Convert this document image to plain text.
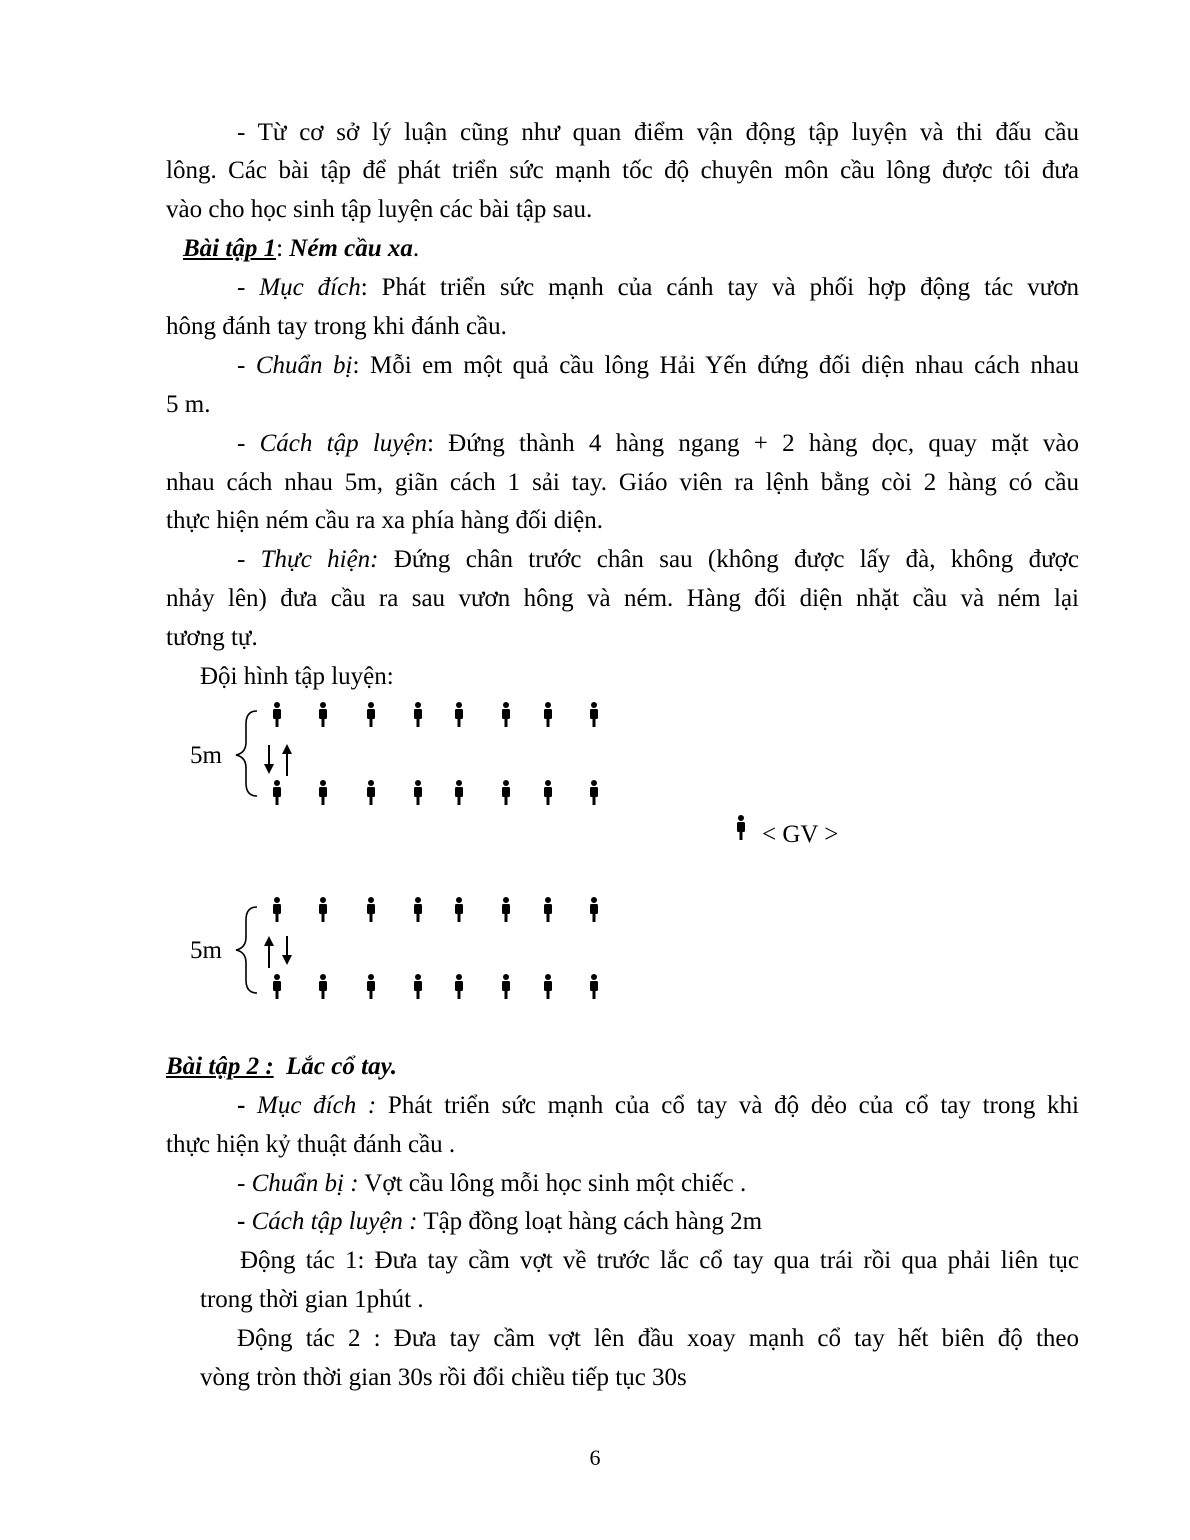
- Từ cơ sở lý luận cũng như quan điểm vận động tập luyện và thi đấu cầu
lông. Các bài tập để phát triển sức mạnh tốc độ chuyên môn cầu lông được tôi đưa
vào cho học sinh tập luyện các bài tập sau.
Bài tập 1: Ném cầu xa.
- Mục đích: Phát triển sức mạnh của cánh tay và phối hợp động tác vươn
hông đánh tay trong khi đánh cầu.
- Chuẩn bị: Mỗi em một quả cầu lông Hải Yến đứng đối diện nhau cách nhau
5 m.
- Cách tập luyện: Đứng thành 4 hàng ngang + 2 hàng dọc, quay mặt vào
nhau cách nhau 5m, giãn cách 1 sải tay. Giáo viên ra lệnh bằng còi 2 hàng có cầu
thực hiện ném cầu ra xa phía hàng đối diện.
- Thực hiện: Đứng chân trước chân sau (không được lấy đà, không được
nhảy lên) đưa cầu ra sau vươn hông và ném. Hàng đối diện nhặt cầu và ném lại
tương tự.
Đội hình tập luyện:
5m
5m
< GV >
Bài tập 2 : Lắc cổ tay.
- Mục đích : Phát triển sức mạnh của cổ tay và độ dẻo của cổ tay trong khi
thực hiện kỷ thuật đánh cầu .
- Chuẩn bị : Vợt cầu lông mỗi học sinh một chiếc .
- Cách tập luyện : Tập đồng loạt hàng cách hàng 2m
Động tác 1: Đưa tay cầm vợt về trước lắc cổ tay qua trái rồi qua phải liên tục
trong thời gian 1phút .
Động tác 2 : Đưa tay cầm vợt lên đầu xoay mạnh cổ tay hết biên độ theo
vòng tròn thời gian 30s rồi đổi chiều tiếp tục 30s
6
